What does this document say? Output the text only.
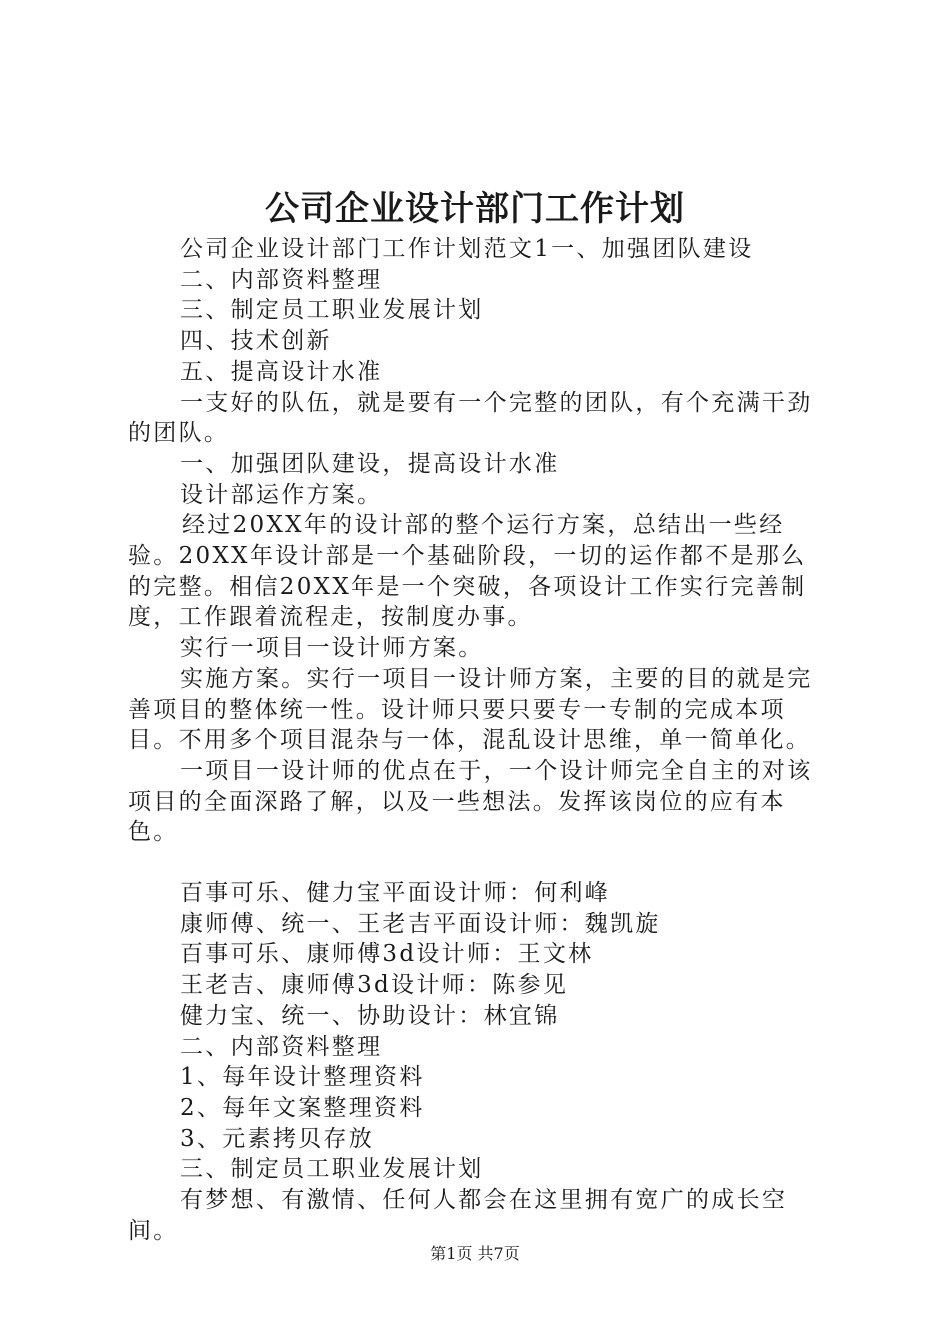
公司企业设计部门工作计划

公司企业设计部门工作计划范文1一、加强团队建设

二、内部资料整理

三、制定员工职业发展计划

四、技术创新

五、提高设计水准

一支好的队伍，就是要有一个完整的团队，有个充满干劲的团队。

一、加强团队建设，提高设计水准

设计部运作方案。

经过20XX年的设计部的整个运行方案，总结出一些经验。20XX年设计部是一个基础阶段，一切的运作都不是那么的完整。相信20XX年是一个突破，各项设计工作实行完善制度，工作跟着流程走，按制度办事。

实行一项目一设计师方案。

实施方案。实行一项目一设计师方案，主要的目的就是完善项目的整体统一性。设计师只要只要专一专制的完成本项目。不用多个项目混杂与一体，混乱设计思维，单一简单化。

一项目一设计师的优点在于，一个设计师完全自主的对该项目的全面深路了解，以及一些想法。发挥该岗位的应有本色。

百事可乐、健力宝平面设计师：何利峰

康师傅、统一、王老吉平面设计师：魏凯旋

百事可乐、康师傅3d设计师：王文林

王老吉、康师傅3d设计师：陈参见

健力宝、统一、协助设计：林宜锦

二、内部资料整理

1、每年设计整理资料

2、每年文案整理资料

3、元素拷贝存放

三、制定员工职业发展计划

有梦想、有激情、任何人都会在这里拥有宽广的成长空间。

第1页 共7页
